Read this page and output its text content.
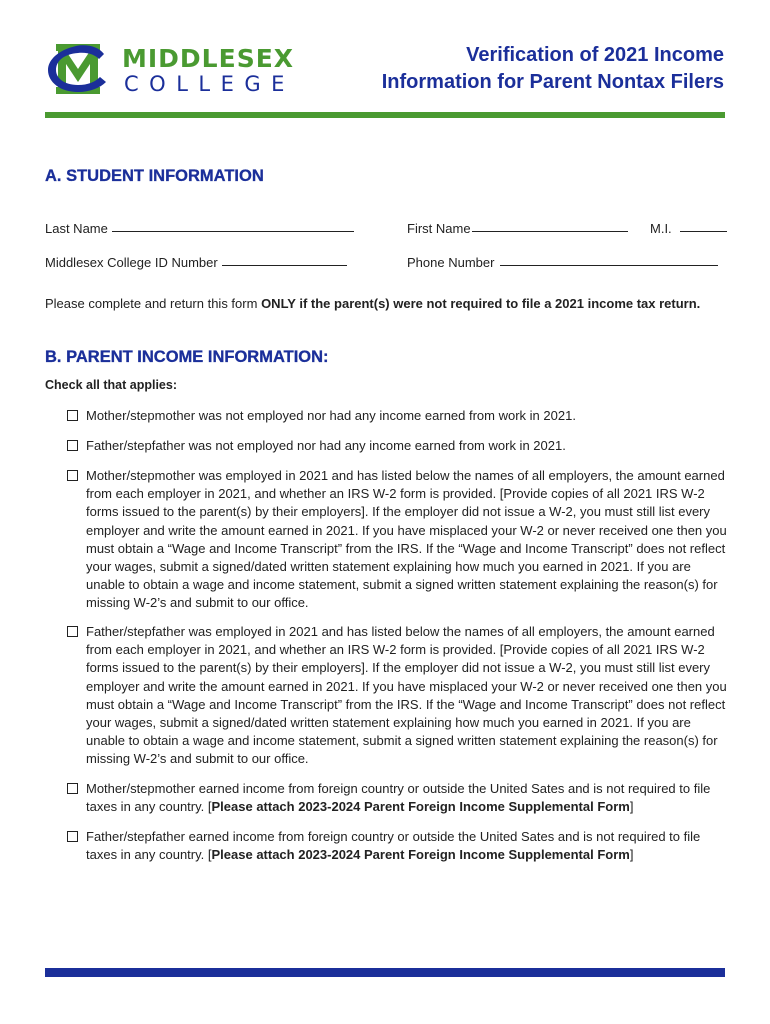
MIDDLESEX
COLLEGE
Verification of 2021 Income
Information for Parent Nontax Filers
A. STUDENT INFORMATION
Last Name	First Name	M.I.
Middlesex College ID Number	Phone Number
Please complete and return this form ONLY if the parent(s) were not required to file a 2021 income tax return.
B. PARENT INCOME INFORMATION:
Check all that applies:
Mother/stepmother was not employed nor had any income earned from work in 2021.
Father/stepfather was not employed nor had any income earned from work in 2021.
Mother/stepmother was employed in 2021 and has listed below the names of all employers, the amount earned from each employer in 2021, and whether an IRS W-2 form is provided. [Provide copies of all 2021 IRS W-2 forms issued to the parent(s) by their employers]. If the employer did not issue a W-2, you must still list every employer and write the amount earned in 2021. If you have misplaced your W-2 or never received one then you must obtain a “Wage and Income Transcript” from the IRS. If the “Wage and Income Transcript” does not reflect your wages, submit a signed/dated written statement explaining how much you earned in 2021. If you are unable to obtain a wage and income statement, submit a signed written statement explaining the reason(s) for missing W-2’s and submit to our office.
Father/stepfather was employed in 2021 and has listed below the names of all employers, the amount earned from each employer in 2021, and whether an IRS W-2 form is provided. [Provide copies of all 2021 IRS W-2 forms issued to the parent(s) by their employers]. If the employer did not issue a W-2, you must still list every employer and write the amount earned in 2021. If you have misplaced your W-2 or never received one then you must obtain a “Wage and Income Transcript” from the IRS. If the “Wage and Income Transcript” does not reflect your wages, submit a signed/dated written statement explaining how much you earned in 2021. If you are unable to obtain a wage and income statement, submit a signed written statement explaining the reason(s) for missing W-2’s and submit to our office.
Mother/stepmother earned income from foreign country or outside the United Sates and is not required to file taxes in any country. [Please attach 2023-2024 Parent Foreign Income Supplemental Form]
Father/stepfather earned income from foreign country or outside the United Sates and is not required to file taxes in any country. [Please attach 2023-2024 Parent Foreign Income Supplemental Form]
